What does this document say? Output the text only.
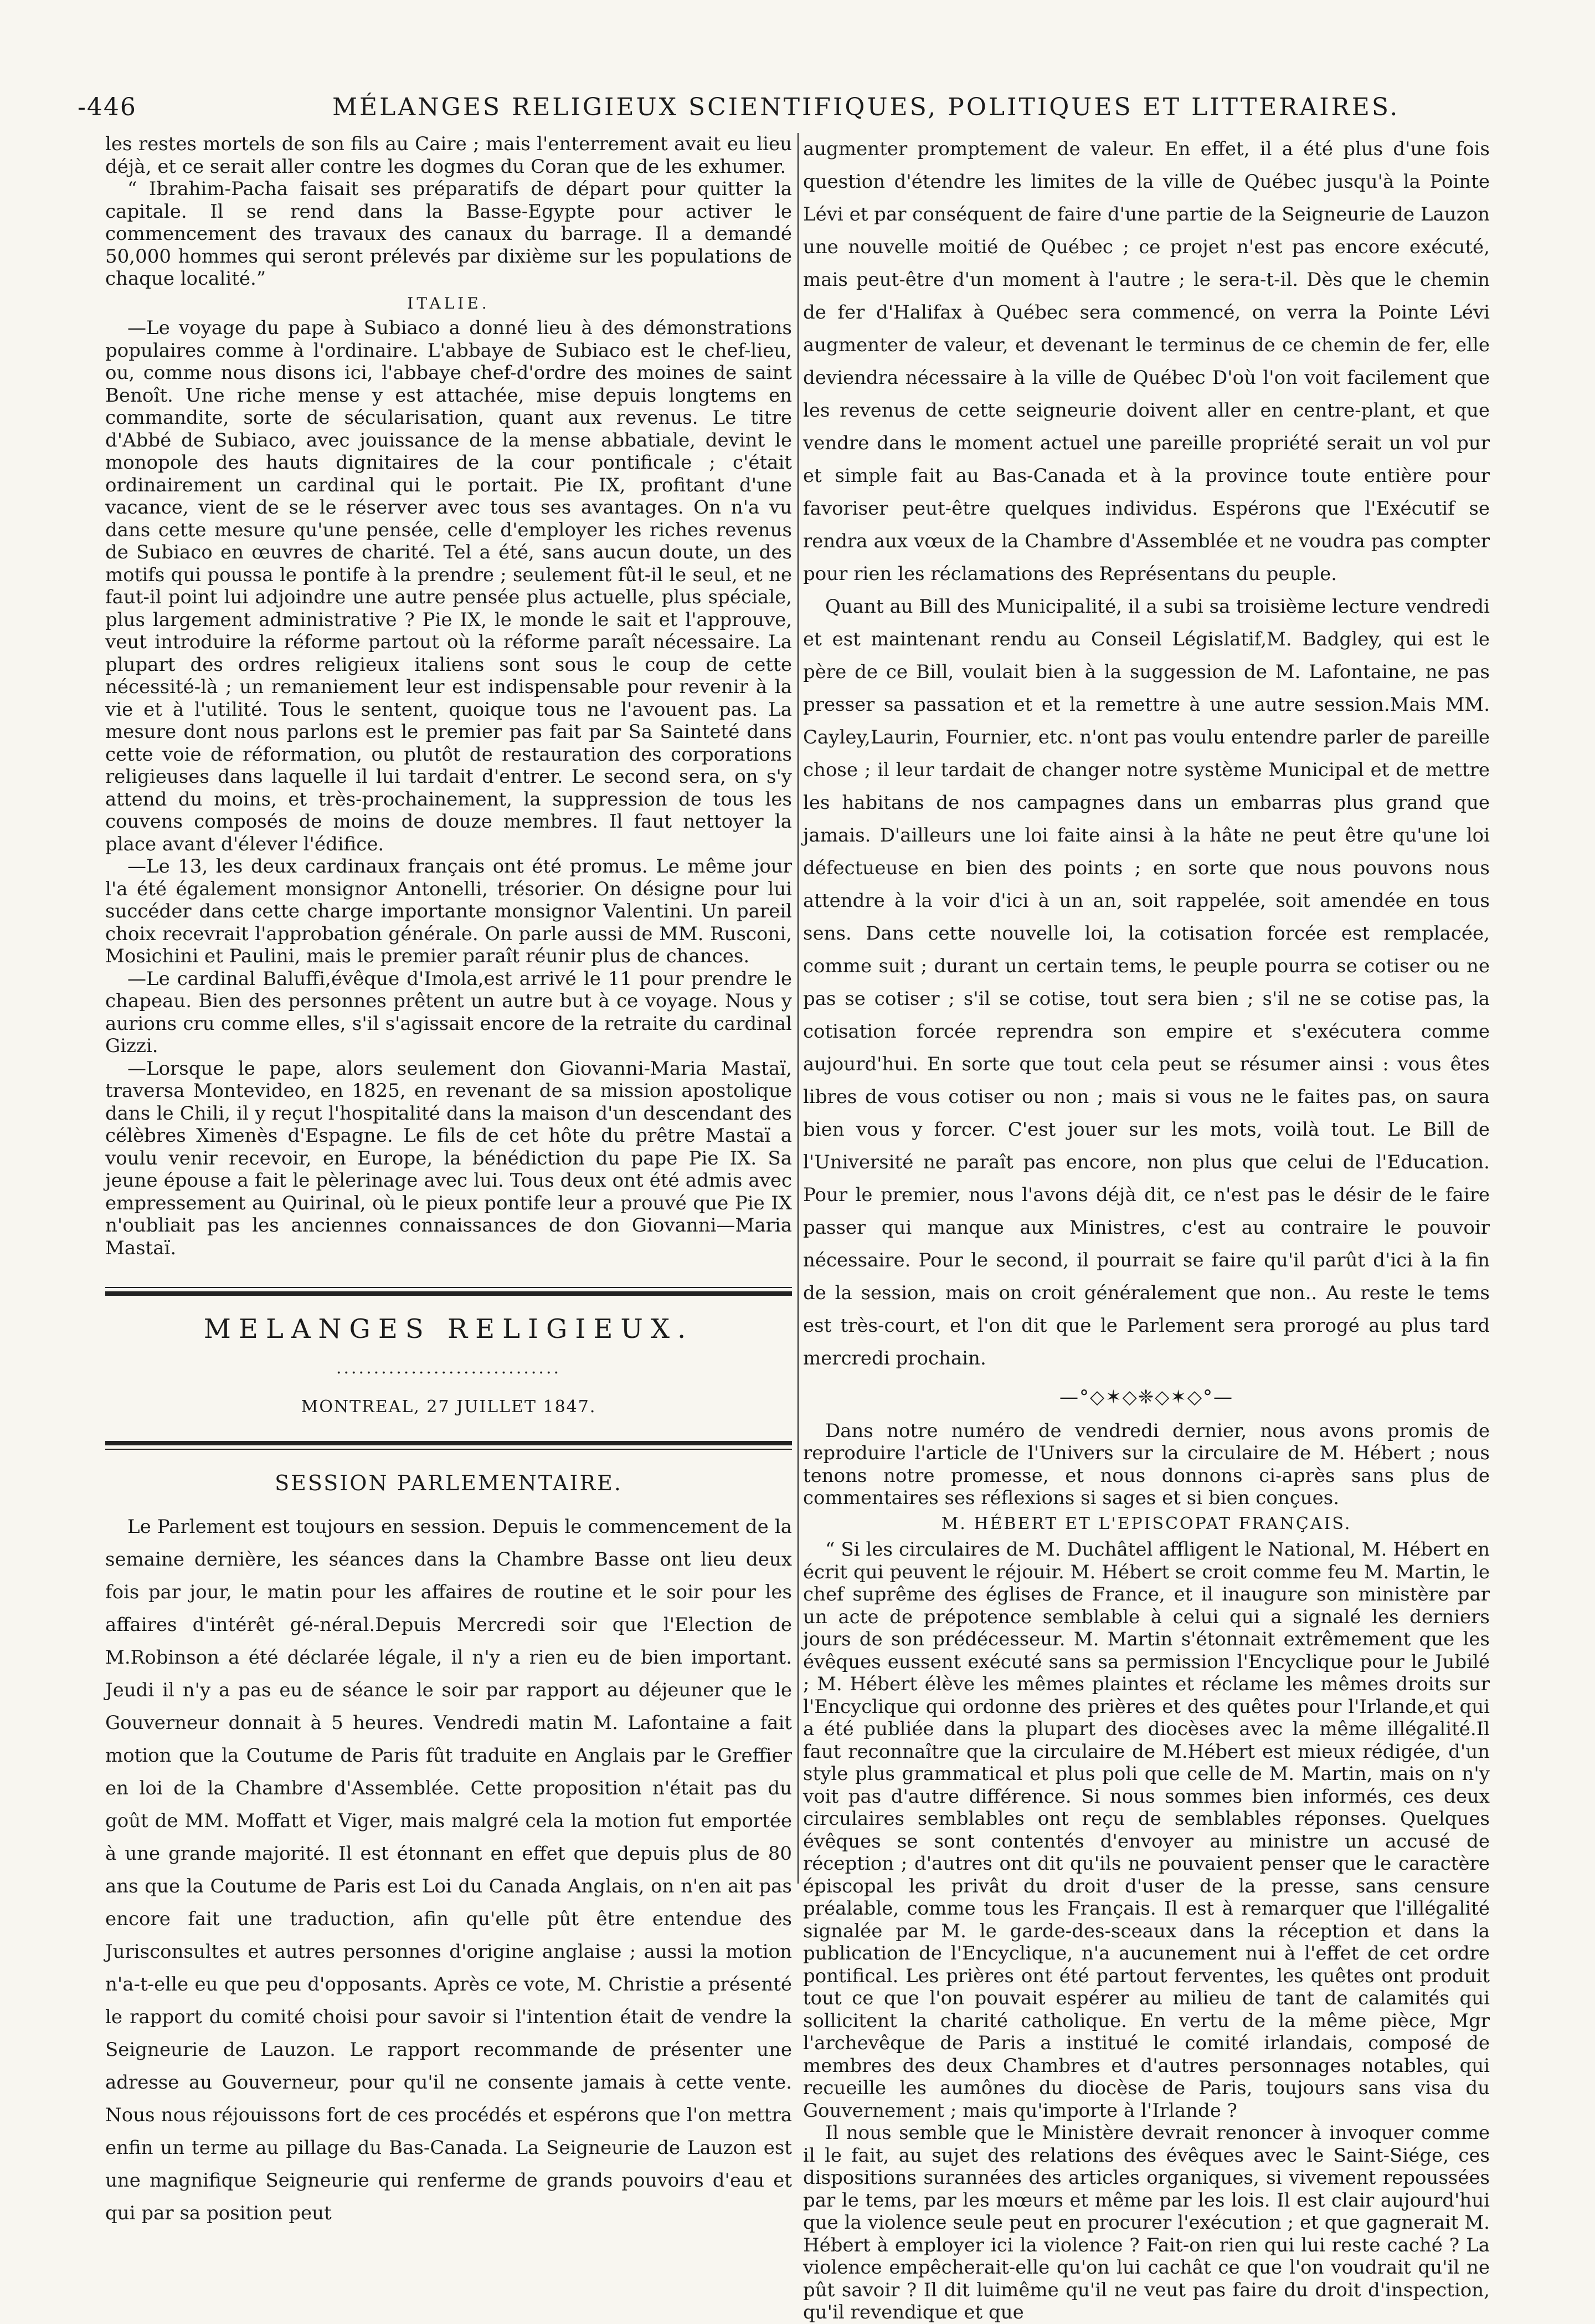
-446	MÉLANGES RELIGIEUX SCIENTIFIQUES, POLITIQUES ET LITTERAIRES.

les restes mortels de son fils au Caire ; mais l'enterrement avait eu lieu déjà, et ce serait aller contre les dogmes du Coran que de les exhumer.

“ Ibrahim-Pacha faisait ses préparatifs de départ pour quitter la capitale. Il se rend dans la Basse-Egypte pour activer le commencement des travaux des canaux du barrage. Il a demandé 50,000 hommes qui seront prélevés par dixième sur les populations de chaque localité.”

ITALIE.

—Le voyage du pape à Subiaco a donné lieu à des démonstrations populaires comme à l'ordinaire. L'abbaye de Subiaco est le chef-lieu, ou, comme nous disons ici, l'abbaye chef-d'ordre des moines de saint Benoît. Une riche mense y est attachée, mise depuis longtems en commandite, sorte de sécularisation, quant aux revenus. Le titre d'Abbé de Subiaco, avec jouissance de la mense abbatiale, devint le monopole des hauts dignitaires de la cour pontificale ; c'était ordinairement un cardinal qui le portait. Pie IX, profitant d'une vacance, vient de se le réserver avec tous ses avantages. On n'a vu dans cette mesure qu'une pensée, celle d'employer les riches revenus de Subiaco en œuvres de charité. Tel a été, sans aucun doute, un des motifs qui poussa le pontife à la prendre ; seulement fût-il le seul, et ne faut-il point lui adjoindre une autre pensée plus actuelle, plus spéciale, plus largement administrative ? Pie IX, le monde le sait et l'approuve, veut introduire la réforme partout où la réforme paraît nécessaire. La plupart des ordres religieux italiens sont sous le coup de cette nécessité-là ; un remaniement leur est indispensable pour revenir à la vie et à l'utilité. Tous le sentent, quoique tous ne l'avouent pas. La mesure dont nous parlons est le premier pas fait par Sa Sainteté dans cette voie de réformation, ou plutôt de restauration des corporations religieuses dans laquelle il lui tardait d'entrer. Le second sera, on s'y attend du moins, et très-prochainement, la suppression de tous les couvens composés de moins de douze membres. Il faut nettoyer la place avant d'élever l'édifice.

—Le 13, les deux cardinaux français ont été promus. Le même jour l'a été également monsignor Antonelli, trésorier. On désigne pour lui succéder dans cette charge importante monsignor Valentini. Un pareil choix recevrait l'approbation générale. On parle aussi de MM. Rusconi, Mosichini et Paulini, mais le premier paraît réunir plus de chances.

—Le cardinal Baluffi,évêque d'Imola,est arrivé le 11 pour prendre le chapeau. Bien des personnes prêtent un autre but à ce voyage. Nous y aurions cru comme elles, s'il s'agissait encore de la retraite du cardinal Gizzi.

—Lorsque le pape, alors seulement don Giovanni-Maria Mastaï, traversa Montevideo, en 1825, en revenant de sa mission apostolique dans le Chili, il y reçut l'hospitalité dans la maison d'un descendant des célèbres Ximenès d'Espagne. Le fils de cet hôte du prêtre Mastaï a voulu venir recevoir, en Europe, la bénédiction du pape Pie IX. Sa jeune épouse a fait le pèlerinage avec lui. Tous deux ont été admis avec empressement au Quirinal, où le pieux pontife leur a prouvé que Pie IX n'oubliait pas les anciennes connaissances de don Giovanni—Maria Mastaï.

MELANGES RELIGIEUX.
..............................
MONTREAL, 27 JUILLET 1847.
SESSION PARLEMENTAIRE.

Le Parlement est toujours en session. Depuis le commencement de la semaine dernière, les séances dans la Chambre Basse ont lieu deux fois par jour, le matin pour les affaires de routine et le soir pour les affaires d'intérêt gé-néral.Depuis Mercredi soir que l'Election de M.Robinson a été déclarée légale, il n'y a rien eu de bien important. Jeudi il n'y a pas eu de séance le soir par rapport au déjeuner que le Gouverneur donnait à 5 heures. Vendredi matin M. Lafontaine a fait motion que la Coutume de Paris fût traduite en Anglais par le Greffier en loi de la Chambre d'Assemblée. Cette proposition n'était pas du goût de MM. Moffatt et Viger, mais malgré cela la motion fut emportée à une grande majorité. Il est étonnant en effet que depuis plus de 80 ans que la Coutume de Paris est Loi du Canada Anglais, on n'en ait pas encore fait une traduction, afin qu'elle pût être entendue des Jurisconsultes et autres personnes d'origine anglaise ; aussi la motion n'a-t-elle eu que peu d'opposants. Après ce vote, M. Christie a présenté le rapport du comité choisi pour savoir si l'intention était de vendre la Seigneurie de Lauzon. Le rapport recommande de présenter une adresse au Gouverneur, pour qu'il ne consente jamais à cette vente. Nous nous réjouissons fort de ces procédés et espérons que l'on mettra enfin un terme au pillage du Bas-Canada. La Seigneurie de Lauzon est une magnifique Seigneurie qui renferme de grands pouvoirs d'eau et qui par sa position peut

augmenter promptement de valeur. En effet, il a été plus d'une fois question d'étendre les limites de la ville de Québec jusqu'à la Pointe Lévi et par conséquent de faire d'une partie de la Seigneurie de Lauzon une nouvelle moitié de Québec ; ce projet n'est pas encore exécuté, mais peut-être d'un moment à l'autre ; le sera-t-il. Dès que le chemin de fer d'Halifax à Québec sera commencé, on verra la Pointe Lévi augmenter de valeur, et devenant le terminus de ce chemin de fer, elle deviendra nécessaire à la ville de Québec D'où l'on voit facilement que les revenus de cette seigneurie doivent aller en centre-plant, et que vendre dans le moment actuel une pareille propriété serait un vol pur et simple fait au Bas-Canada et à la province toute entière pour favoriser peut-être quelques individus. Espérons que l'Exécutif se rendra aux vœux de la Chambre d'Assemblée et ne voudra pas compter pour rien les réclamations des Représentans du peuple.

Quant au Bill des Municipalité, il a subi sa troisième lecture vendredi et est maintenant rendu au Conseil Législatif,M. Badgley, qui est le père de ce Bill, voulait bien à la suggession de M. Lafontaine, ne pas presser sa passation et et la remettre à une autre session.Mais MM. Cayley,Laurin, Fournier, etc. n'ont pas voulu entendre parler de pareille chose ; il leur tardait de changer notre système Municipal et de mettre les habitans de nos campagnes dans un embarras plus grand que jamais. D'ailleurs une loi faite ainsi à la hâte ne peut être qu'une loi défectueuse en bien des points ; en sorte que nous pouvons nous attendre à la voir d'ici à un an, soit rappelée, soit amendée en tous sens. Dans cette nouvelle loi, la cotisation forcée est remplacée, comme suit ; durant un certain tems, le peuple pourra se cotiser ou ne pas se cotiser ; s'il se cotise, tout sera bien ; s'il ne se cotise pas, la cotisation forcée reprendra son empire et s'exécutera comme aujourd'hui. En sorte que tout cela peut se résumer ainsi : vous êtes libres de vous cotiser ou non ; mais si vous ne le faites pas, on saura bien vous y forcer. C'est jouer sur les mots, voilà tout. Le Bill de l'Université ne paraît pas encore, non plus que celui de l'Education. Pour le premier, nous l'avons déjà dit, ce n'est pas le désir de le faire passer qui manque aux Ministres, c'est au contraire le pouvoir nécessaire. Pour le second, il pourrait se faire qu'il parût d'ici à la fin de la session, mais on croit généralement que non.. Au reste le tems est très-court, et l'on dit que le Parlement sera prorogé au plus tard mercredi prochain.

—°◇✶◇❈◇✶◇°—

Dans notre numéro de vendredi dernier, nous avons promis de reproduire l'article de l'Univers sur la circulaire de M. Hébert ; nous tenons notre promesse, et nous donnons ci-après sans plus de commentaires ses réflexions si sages et si bien conçues.

M. HÉBERT ET L'EPISCOPAT FRANÇAIS.

“ Si les circulaires de M. Duchâtel affligent le National, M. Hébert en écrit qui peuvent le réjouir. M. Hébert se croit comme feu M. Martin, le chef suprême des églises de France, et il inaugure son ministère par un acte de prépotence semblable à celui qui a signalé les derniers jours de son prédécesseur. M. Martin s'étonnait extrêmement que les évêques eussent exécuté sans sa permission l'Encyclique pour le Jubilé ; M. Hébert élève les mêmes plaintes et réclame les mêmes droits sur l'Encyclique qui ordonne des prières et des quêtes pour l'Irlande,et qui a été publiée dans la plupart des diocèses avec la même illégalité.Il faut reconnaître que la circulaire de M.Hébert est mieux rédigée, d'un style plus grammatical et plus poli que celle de M. Martin, mais on n'y voit pas d'autre différence. Si nous sommes bien informés, ces deux circulaires semblables ont reçu de semblables réponses. Quelques évêques se sont contentés d'envoyer au ministre un accusé de réception ; d'autres ont dit qu'ils ne pouvaient penser que le caractère épiscopal les privât du droit d'user de la presse, sans censure préalable, comme tous les Français. Il est à remarquer que l'illégalité signalée par M. le garde-des-sceaux dans la réception et dans la publication de l'Encyclique, n'a aucunement nui à l'effet de cet ordre pontifical. Les prières ont été partout ferventes, les quêtes ont produit tout ce que l'on pouvait espérer au milieu de tant de calamités qui sollicitent la charité catholique. En vertu de la même pièce, Mgr l'archevêque de Paris a institué le comité irlandais, composé de membres des deux Chambres et d'autres personnages notables, qui recueille les aumônes du diocèse de Paris, toujours sans visa du Gouvernement ; mais qu'importe à l'Irlande ?

Il nous semble que le Ministère devrait renoncer à invoquer comme il le fait, au sujet des relations des évêques avec le Saint-Siége, ces dispositions surannées des articles organiques, si vivement repoussées par le tems, par les mœurs et même par les lois. Il est clair aujourd'hui que la violence seule peut en procurer l'exécution ; et que gagnerait M. Hébert à employer ici la violence ? Fait-on rien qui lui reste caché ? La violence empêcherait-elle qu'on lui cachât ce que l'on voudrait qu'il ne pût savoir ? Il dit luimême qu'il ne veut pas faire du droit d'inspection, qu'il revendique et que
